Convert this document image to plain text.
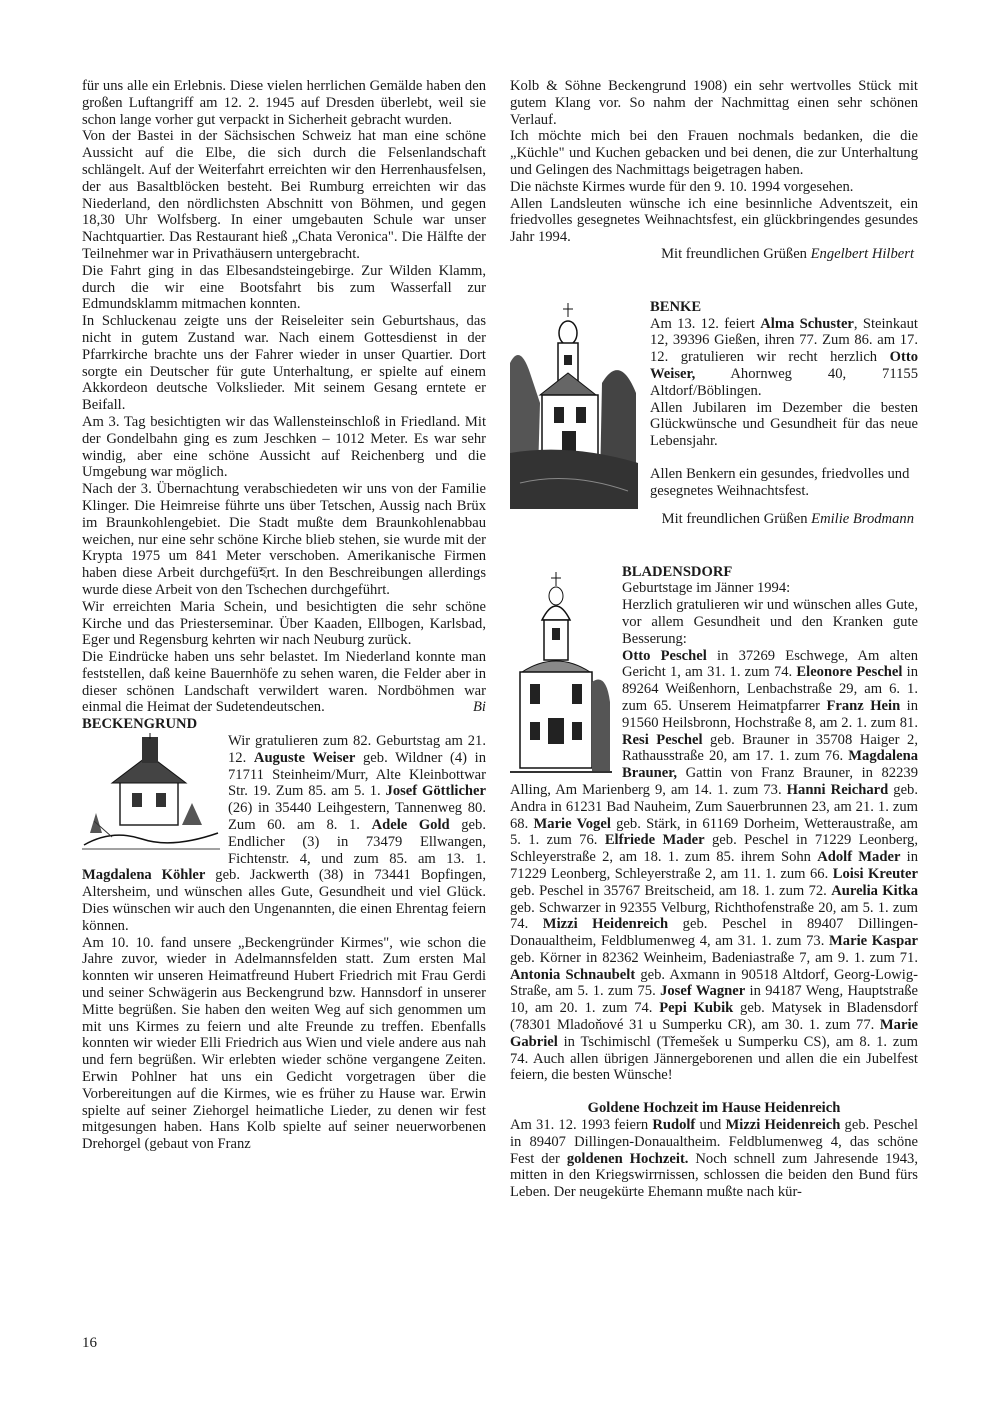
für uns alle ein Erlebnis. Diese vielen herrlichen Gemälde haben den großen Luftangriff am 12. 2. 1945 auf Dresden überlebt, weil sie schon lange vorher gut verpackt in Sicherheit gebracht wurden.

Von der Bastei in der Sächsischen Schweiz hat man eine schöne Aussicht auf die Elbe, die sich durch die Felsenlandschaft schlängelt. Auf der Weiterfahrt erreichten wir den Herrenhausfelsen, der aus Basaltblöcken besteht. Bei Rumburg erreichten wir das Niederland, den nördlichsten Abschnitt von Böhmen, und gegen 18,30 Uhr Wolfsberg. In einer umgebauten Schule war unser Nachtquartier. Das Restaurant hieß „Chata Veronica". Die Hälfte der Teilnehmer war in Privathäusern untergebracht.

Die Fahrt ging in das Elbesandsteingebirge. Zur Wilden Klamm, durch die wir eine Bootsfahrt bis zum Wasserfall zur Edmundsklamm mitmachen konnten.

In Schluckenau zeigte uns der Reiseleiter sein Geburtshaus, das nicht in gutem Zustand war. Nach einem Gottesdienst in der Pfarrkirche brachte uns der Fahrer wieder in unser Quartier. Dort sorgte ein Deutscher für gute Unterhaltung, er spielte auf einem Akkordeon deutsche Volkslieder. Mit seinem Gesang erntete er Beifall.

Am 3. Tag besichtigten wir das Wallensteinschloß in Friedland. Mit der Gondelbahn ging es zum Jeschken – 1012 Meter. Es war sehr windig, aber eine schöne Aussicht auf Reichenberg und die Umgebung war möglich.

Nach der 3. Übernachtung verabschiedeten wir uns von der Familie Klinger. Die Heimreise führte uns über Tetschen, Aussig nach Brüx im Braunkohlengebiet. Die Stadt mußte dem Braunkohlenabbau weichen, nur eine sehr schöne Kirche blieb stehen, sie wurde mit der Krypta 1975 um 841 Meter verschoben. Amerikanische Firmen haben diese Arbeit durchgefüহrt. In den Beschreibungen allerdings wurde diese Arbeit von den Tschechen durchgeführt.

Wir erreichten Maria Schein, und besichtigten die sehr schöne Kirche und das Priesterseminar. Über Kaaden, Ellbogen, Karlsbad, Eger und Regensburg kehrten wir nach Neuburg zurück.

Die Eindrücke haben uns sehr belastet. Im Niederland konnte man feststellen, daß keine Bauernhöfe zu sehen waren, die Felder aber in dieser schönen Landschaft verwildert waren. Nordböhmen war einmal die Heimat der Sudetendeutschen.	Bi

BECKENGRUND

Wir gratulieren zum 82. Geburtstag am 21. 12. Auguste Weiser geb. Wildner (4) in 71711 Steinheim/Murr, Alte Kleinbottwar Str. 19. Zum 85. am 5. 1. Josef Göttlicher (26) in 35440 Leihgestern, Tannenweg 80. Zum 60. am 8. 1. Adele Gold geb. Endlicher (3) in 73479 Ellwangen, Fichtenstr. 4, und zum 85. am 13. 1. Magdalena Köhler geb. Jackwerth (38) in 73441 Bopfingen, Altersheim, und wünschen alles Gute, Gesundheit und viel Glück. Dies wünschen wir auch den Ungenannten, die einen Ehrentag feiern können.

Am 10. 10. fand unsere „Beckengründer Kirmes", wie schon die Jahre zuvor, wieder in Adelmannsfelden statt. Zum ersten Mal konnten wir unseren Heimatfreund Hubert Friedrich mit Frau Gerdi und seiner Schwägerin aus Beckengrund bzw. Hannsdorf in unserer Mitte begrüßen. Sie haben den weiten Weg auf sich genommen um mit uns Kirmes zu feiern und alte Freunde zu treffen. Ebenfalls konnten wir wieder Elli Friedrich aus Wien und viele andere aus nah und fern begrüßen. Wir erlebten wieder schöne vergangene Zeiten. Erwin Pohlner hat uns ein Gedicht vorgetragen über die Vorbereitungen auf die Kirmes, wie es früher zu Hause war. Erwin spielte auf seiner Ziehorgel heimatliche Lieder, zu denen wir fest mitgesungen haben. Hans Kolb spielte auf seiner neuerworbenen Drehorgel (gebaut von Franz

Kolb & Söhne Beckengrund 1908) ein sehr wertvolles Stück mit gutem Klang vor. So nahm der Nachmittag einen sehr schönen Verlauf.

Ich möchte mich bei den Frauen nochmals bedanken, die die „Küchle" und Kuchen gebacken und bei denen, die zur Unterhaltung und Gelingen des Nachmittags beigetragen haben.

Die nächste Kirmes wurde für den 9. 10. 1994 vorgesehen.

Allen Landsleuten wünsche ich eine besinnliche Adventszeit, ein friedvolles gesegnetes Weihnachtsfest, ein glückbringendes gesundes Jahr 1994.

Mit freundlichen Grüßen Engelbert Hilbert

BENKE

Am 13. 12. feiert Alma Schuster, Steinkaut 12, 39396 Gießen, ihren 77. Zum 86. am 17. 12. gratulieren wir recht herzlich Otto Weiser, Ahornweg 40, 71155 Altdorf/Böblingen.

Allen Jubilaren im Dezember die besten Glückwünsche und Gesundheit für das neue Lebensjahr.

Allen Benkern ein gesundes, friedvolles und gesegnetes Weihnachtsfest.

Mit freundlichen Grüßen Emilie Brodmann

BLADENSDORF

Geburtstage im Jänner 1994:

Herzlich gratulieren wir und wünschen alles Gute, vor allem Gesundheit und den Kranken gute Besserung:

Otto Peschel in 37269 Eschwege, Am alten Gericht 1, am 31. 1. zum 74. Eleonore Peschel in 89264 Weißenhorn, Lenbachstraße 29, am 6. 1. zum 65. Unserem Heimatpfarrer Franz Hein in 91560 Heilsbronn, Hochstraße 8, am 2. 1. zum 81. Resi Peschel geb. Brauner in 35708 Haiger 2, Rathausstraße 20, am 17. 1. zum 76. Magdalena Brauner, Gattin von Franz Brauner, in 82239 Alling, Am Marienberg 9, am 14. 1. zum 73. Hanni Reichard geb. Andra in 61231 Bad Nauheim, Zum Sauerbrunnen 23, am 21. 1. zum 68. Marie Vogel geb. Stärk, in 61169 Dorheim, Wetteraustraße, am 5. 1. zum 76. Elfriede Mader geb. Peschel in 71229 Leonberg, Schleyerstraße 2, am 18. 1. zum 85. ihrem Sohn Adolf Mader in 71229 Leonberg, Schleyerstraße 2, am 11. 1. zum 66. Loisi Kreuter geb. Peschel in 35767 Breitscheid, am 18. 1. zum 72. Aurelia Kitka geb. Schwarzer in 92355 Velburg, Richthofenstraße 20, am 5. 1. zum 74. Mizzi Heidenreich geb. Peschel in 89407 Dillingen-Donaualtheim, Feldblumenweg 4, am 31. 1. zum 73. Marie Kaspar geb. Körner in 82362 Weinheim, Badeniastraße 7, am 9. 1. zum 71. Antonia Schnaubelt geb. Axmann in 90518 Altdorf, Georg-Lowig-Straße, am 5. 1. zum 75. Josef Wagner in 94187 Weng, Hauptstraße 10, am 20. 1. zum 74. Pepi Kubik geb. Matysek in Bladensdorf (78301 Mladoňové 31 u Sumperku CR), am 30. 1. zum 77. Marie Gabriel in Tschimischl (Třemešek u Sumperku CS), am 8. 1. zum 74. Auch allen übrigen Jännergeborenen und allen die ein Jubelfest feiern, die besten Wünsche!

Goldene Hochzeit im Hause Heidenreich

Am 31. 12. 1993 feiern Rudolf und Mizzi Heidenreich geb. Peschel in 89407 Dillingen-Donaualtheim. Feldblumenweg 4, das schöne Fest der goldenen Hochzeit. Noch schnell zum Jahresende 1943, mitten in den Kriegswirrnissen, schlossen die beiden den Bund fürs Leben. Der neugekürte Ehemann mußte nach kür-

16
